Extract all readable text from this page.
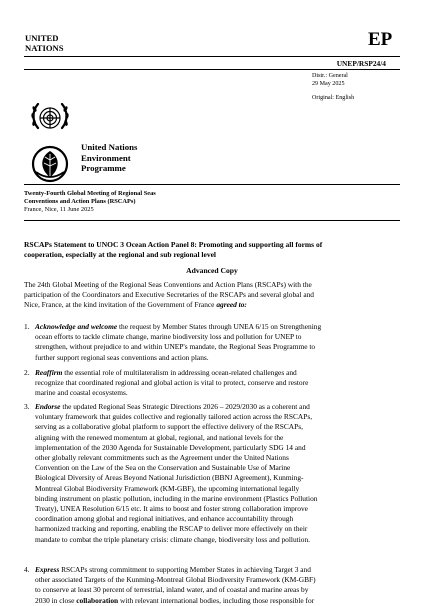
UNITED
NATIONS	EP
UNEP/RSP24/4
Distr.: General
29 May 2025
Original: English
United Nations
Environment
Programme
Twenty-Fourth Global Meeting of Regional Seas
Conventions and Action Plans (RSCAPs)
France, Nice, 11 June 2025
RSCAPs Statement to UNOC 3 Ocean Action Panel 8: Promoting and supporting all forms of
cooperation, especially at the regional and sub regional level
Advanced Copy
The 24th Global Meeting of the Regional Seas Conventions and Action Plans (RSCAPs) with the
participation of the Coordinators and Executive Secretaries of the RSCAPs and several global and
Nice, France, at the kind invitation of the Government of France agreed to:
1. Acknowledge and welcome the request by Member States through UNEA 6/15 on Strengthening
ocean efforts to tackle climate change, marine biodiversity loss and pollution for UNEP to
strengthen, without prejudice to and within UNEP's mandate, the Regional Seas Programme to
further support regional seas conventions and action plans.
2. Reaffirm the essential role of multilateralism in addressing ocean-related challenges and
recognize that coordinated regional and global action is vital to protect, conserve and restore
marine and coastal ecosystems.
3. Endorse the updated Regional Seas Strategic Directions 2026 – 2029/2030 as a coherent and
voluntary framework that guides collective and regionally tailored action across the RSCAPs,
serving as a collaborative global platform to support the effective delivery of the RSCAPs,
aligning with the renewed momentum at global, regional, and national levels for the
implementation of the 2030 Agenda for Sustainable Development, particularly SDG 14 and
other globally relevant commitments such as the Agreement under the United Nations
Convention on the Law of the Sea on the Conservation and Sustainable Use of Marine
Biological Diversity of Areas Beyond National Jurisdiction (BBNJ Agreement), Kunming-
Montreal Global Biodiversity Framework (KM-GBF), the upcoming international legally
binding instrument on plastic pollution, including in the marine environment (Plastics Pollution
Treaty), UNEA Resolution 6/15 etc. It aims to boost and foster strong collaboration improve
coordination among global and regional initiatives, and enhance accountability through
harmonized tracking and reporting, enabling the RSCAP to deliver more effectively on their
mandate to combat the triple planetary crisis: climate change, biodiversity loss and pollution.
4. Express RSCAPs strong commitment to supporting Member States in achieving Target 3 and
other associated Targets of the Kunming-Montreal Global Biodiversity Framework (KM-GBF)
to conserve at least 30 percent of terrestrial, inland water, and of coastal and marine areas by
2030 in close collaboration with relevant international bodies, including those responsible for
